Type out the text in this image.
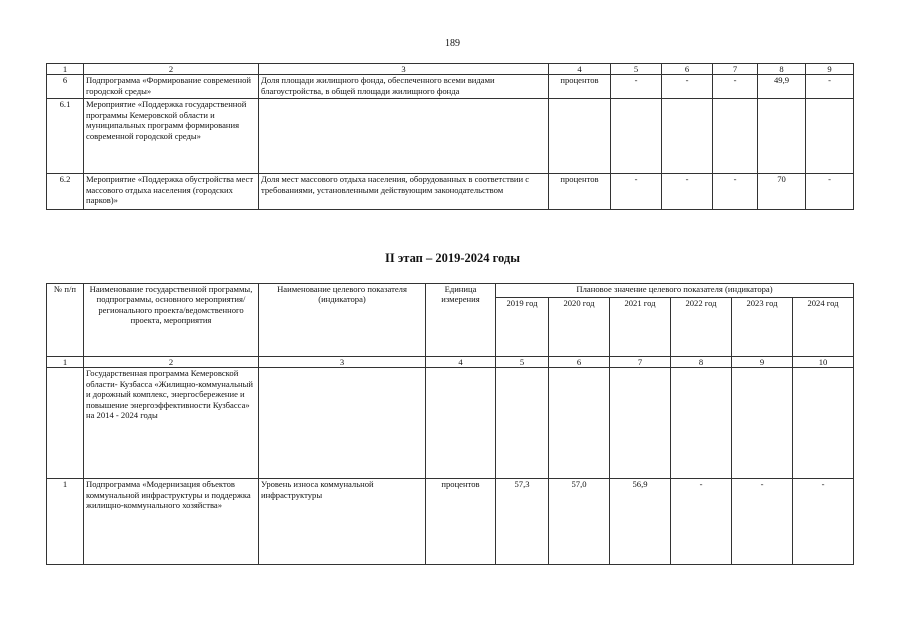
189
1	2	3	4	5	6	7	8	9
6	Подпрограмма «Формирование современной городской среды»	Доля площади жилищного фонда, обеспеченного всеми видами благоустройства, в общей площади жилищного фонда	процентов	-	-	-	49,9	-
6.1	Мероприятие «Поддержка государственной программы Кемеровской области и муниципальных программ формирования современной городской среды»							
6.2	Мероприятие «Поддержка обустройства мест массового отдыха населения (городских парков)»	Доля мест массового отдыха населения, оборудованных в соответствии с требованиями, установленными действующим законодательством	процентов	-	-	-	70	-
II этап – 2019-2024 годы
№ п/п	Наименование государственной программы, подпрограммы, основного мероприятия/регионального проекта/ведомственного проекта, мероприятия	Наименование целевого показателя (индикатора)	Единица измерения	Плановое значение целевого показателя (индикатора)					
				2019 год	2020 год	2021 год	2022 год	2023 год	2024 год
1	2	3	4	5	6	7	8	9	10
	Государственная программа Кемеровской области- Кузбасса «Жилищно-коммунальный и дорожный комплекс, энергосбережение и повышение энергоэффективности Кузбасса» на 2014 - 2024 годы								
1	Подпрограмма «Модернизация объектов коммунальной инфраструктуры и поддержка жилищно-коммунального хозяйства»	Уровень износа коммунальной инфраструктуры	процентов	57,3	57,0	56,9	-	-	-
